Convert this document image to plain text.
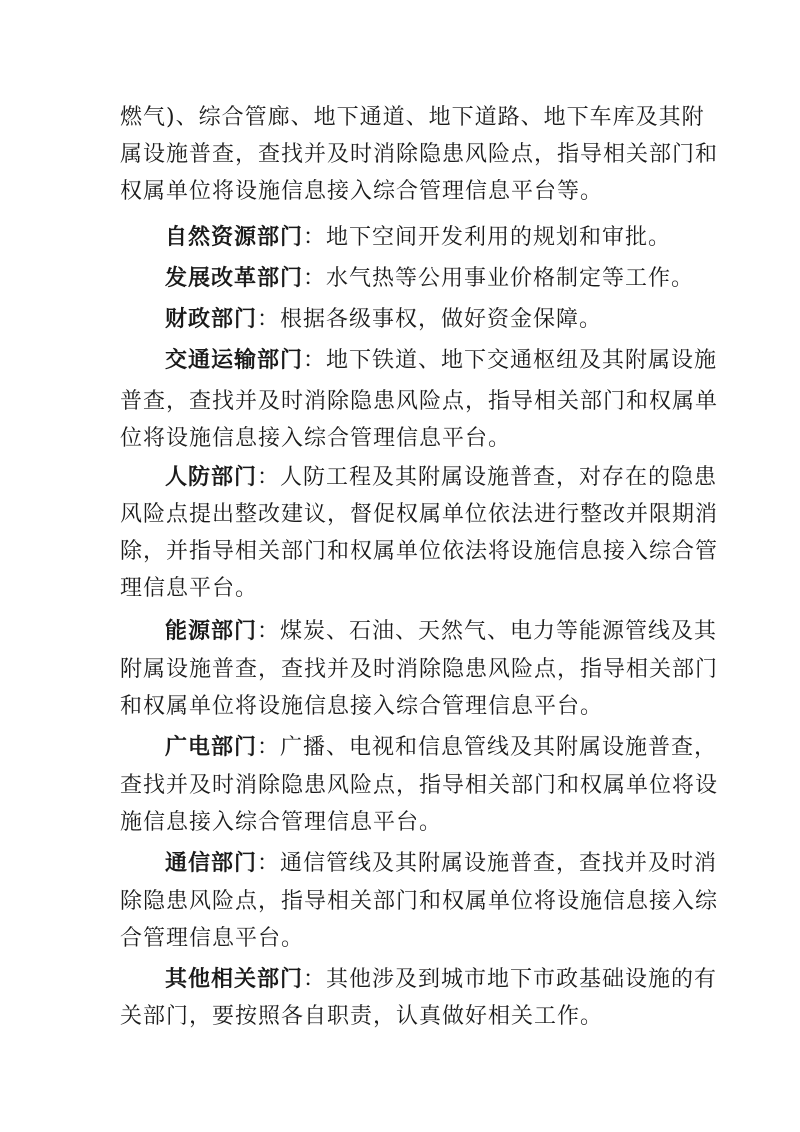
燃气)、综合管廊、地下通道、地下道路、地下车库及其附
属设施普查，查找并及时消除隐患风险点，指导相关部门和
权属单位将设施信息接入综合管理信息平台等。
自然资源部门：地下空间开发利用的规划和审批。
发展改革部门：水气热等公用事业价格制定等工作。
财政部门：根据各级事权，做好资金保障。
交通运输部门：地下铁道、地下交通枢纽及其附属设施
普查，查找并及时消除隐患风险点，指导相关部门和权属单
位将设施信息接入综合管理信息平台。
人防部门：人防工程及其附属设施普查，对存在的隐患
风险点提出整改建议，督促权属单位依法进行整改并限期消
除，并指导相关部门和权属单位依法将设施信息接入综合管
理信息平台。
能源部门：煤炭、石油、天然气、电力等能源管线及其
附属设施普查，查找并及时消除隐患风险点，指导相关部门
和权属单位将设施信息接入综合管理信息平台。
广电部门：广播、电视和信息管线及其附属设施普查，
查找并及时消除隐患风险点，指导相关部门和权属单位将设
施信息接入综合管理信息平台。
通信部门：通信管线及其附属设施普查，查找并及时消
除隐患风险点，指导相关部门和权属单位将设施信息接入综
合管理信息平台。
其他相关部门：其他涉及到城市地下市政基础设施的有
关部门，要按照各自职责，认真做好相关工作。
